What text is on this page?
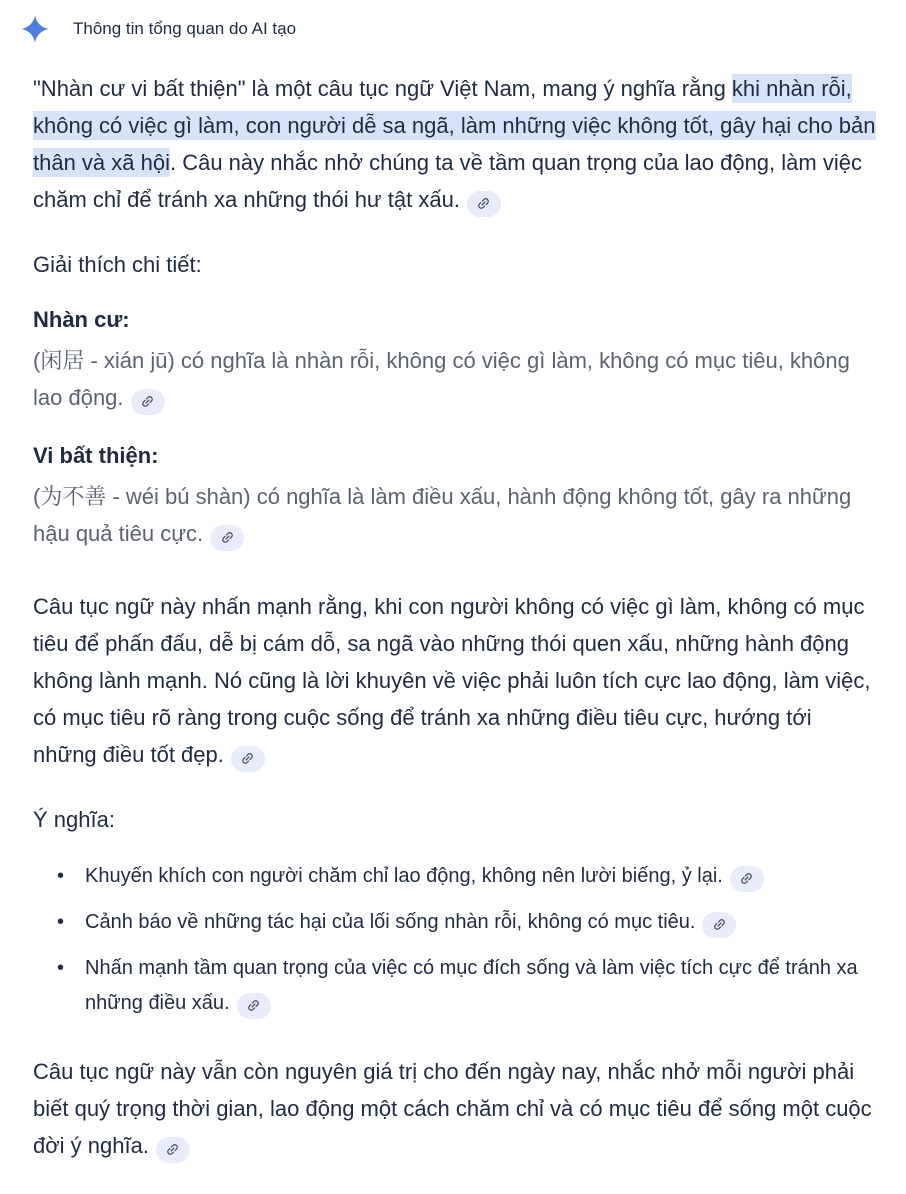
Thông tin tổng quan do AI tạo

"Nhàn cư vi bất thiện" là một câu tục ngữ Việt Nam, mang ý nghĩa rằng khi nhàn rỗi, không có việc gì làm, con người dễ sa ngã, làm những việc không tốt, gây hại cho bản thân và xã hội. Câu này nhắc nhở chúng ta về tầm quan trọng của lao động, làm việc chăm chỉ để tránh xa những thói hư tật xấu.

Giải thích chi tiết:
Nhàn cư:

(闲居 - xián jū) có nghĩa là nhàn rỗi, không có việc gì làm, không có mục tiêu, không lao động.

Vi bất thiện:

(为不善 - wéi bú shàn) có nghĩa là làm điều xấu, hành động không tốt, gây ra những hậu quả tiêu cực.

Câu tục ngữ này nhấn mạnh rằng, khi con người không có việc gì làm, không có mục tiêu để phấn đấu, dễ bị cám dỗ, sa ngã vào những thói quen xấu, những hành động không lành mạnh. Nó cũng là lời khuyên về việc phải luôn tích cực lao động, làm việc, có mục tiêu rõ ràng trong cuộc sống để tránh xa những điều tiêu cực, hướng tới những điều tốt đẹp.

Ý nghĩa:
• Khuyến khích con người chăm chỉ lao động, không nên lười biếng, ỷ lại.
• Cảnh báo về những tác hại của lối sống nhàn rỗi, không có mục tiêu.
• Nhấn mạnh tầm quan trọng của việc có mục đích sống và làm việc tích cực để tránh xa những điều xấu.

Câu tục ngữ này vẫn còn nguyên giá trị cho đến ngày nay, nhắc nhở mỗi người phải biết quý trọng thời gian, lao động một cách chăm chỉ và có mục tiêu để sống một cuộc đời ý nghĩa.
